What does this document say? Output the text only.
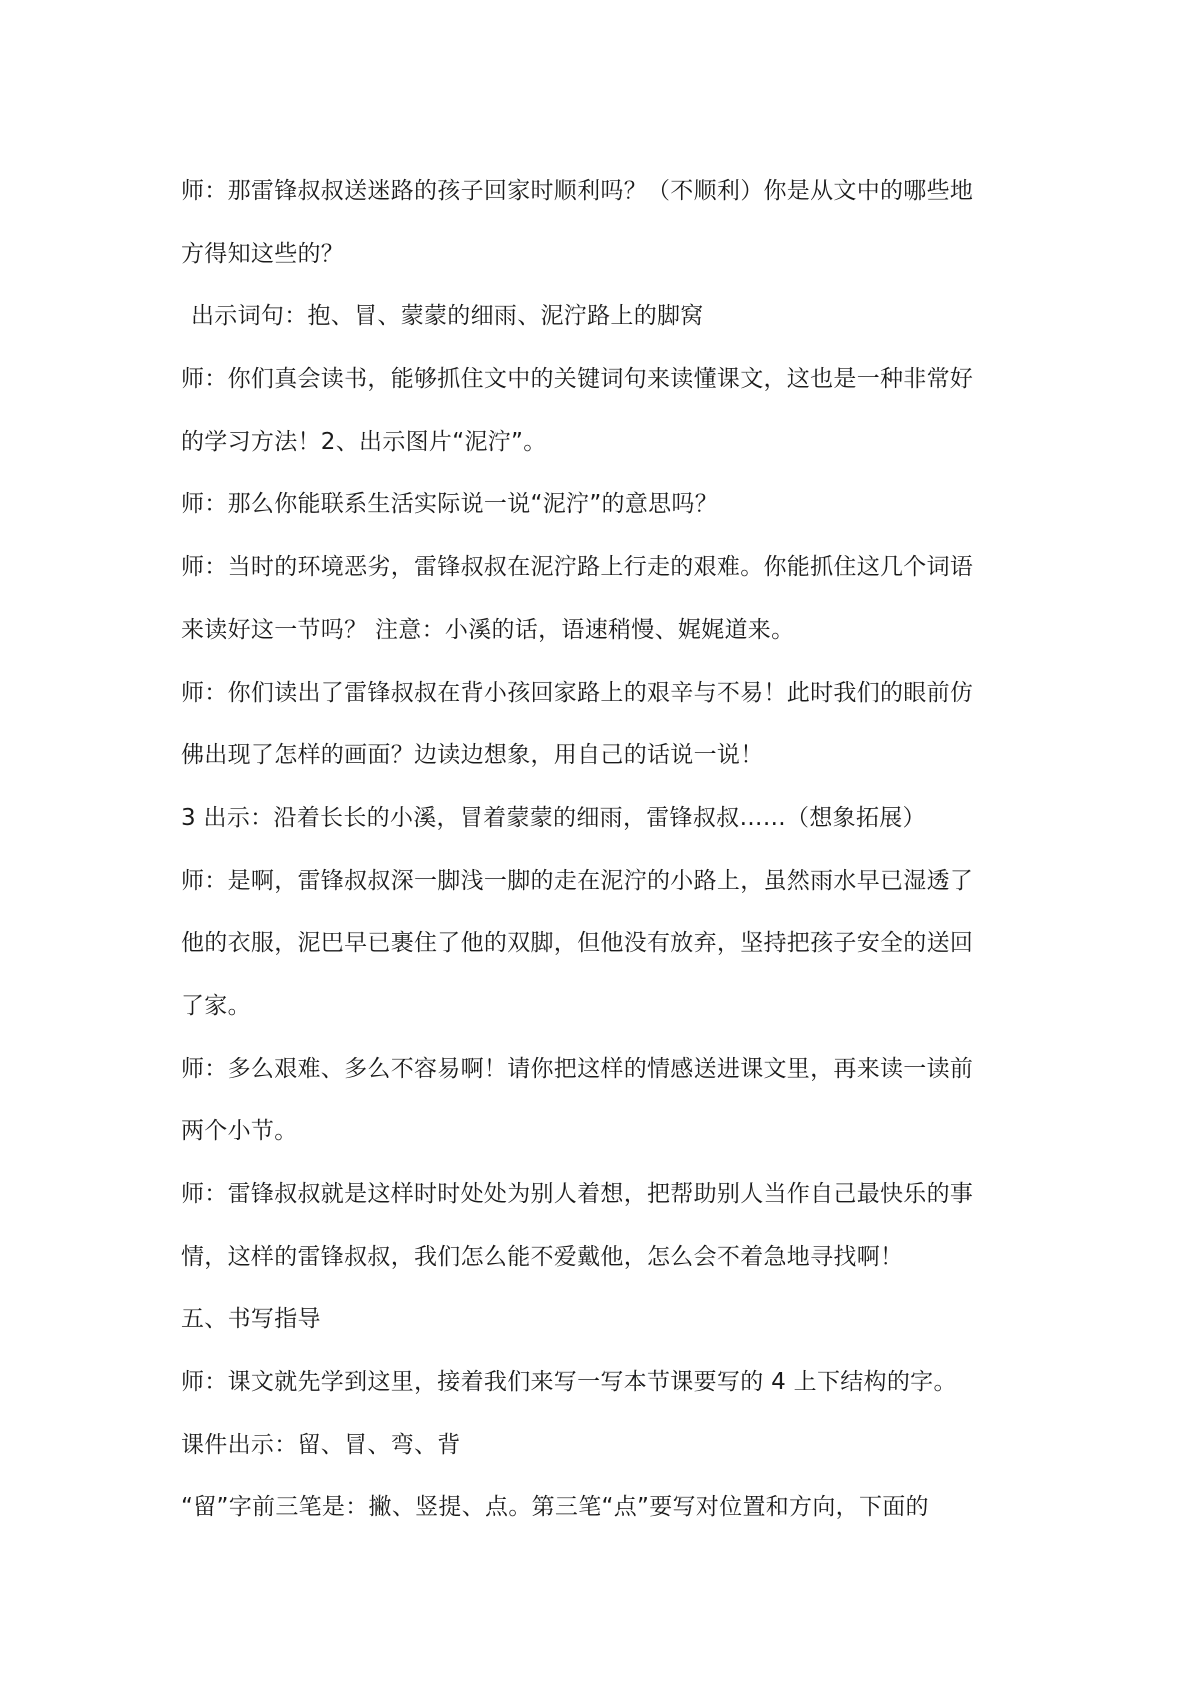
师：那雷锋叔叔送迷路的孩子回家时顺利吗？（不顺利）你是从文中的哪些地
方得知这些的？
出示词句：抱、冒、蒙蒙的细雨、泥泞路上的脚窝
师：你们真会读书，能够抓住文中的关键词句来读懂课文，这也是一种非常好
的学习方法！2、出示图片“泥泞”。
师：那么你能联系生活实际说一说“泥泞”的意思吗？
师：当时的环境恶劣，雷锋叔叔在泥泞路上行走的艰难。你能抓住这几个词语
来读好这一节吗？ 注意：小溪的话，语速稍慢、娓娓道来。
师：你们读出了雷锋叔叔在背小孩回家路上的艰辛与不易！此时我们的眼前仿
佛出现了怎样的画面？边读边想象，用自己的话说一说！
3 出示：沿着长长的小溪，冒着蒙蒙的细雨，雷锋叔叔……（想象拓展）
师：是啊，雷锋叔叔深一脚浅一脚的走在泥泞的小路上，虽然雨水早已湿透了
他的衣服，泥巴早已裹住了他的双脚，但他没有放弃，坚持把孩子安全的送回
了家。
师：多么艰难、多么不容易啊！请你把这样的情感送进课文里，再来读一读前
两个小节。
师：雷锋叔叔就是这样时时处处为别人着想，把帮助别人当作自己最快乐的事
情，这样的雷锋叔叔，我们怎么能不爱戴他，怎么会不着急地寻找啊！
五、书写指导
师：课文就先学到这里，接着我们来写一写本节课要写的 4 上下结构的字。
课件出示：留、冒、弯、背
“留”字前三笔是：撇、竖提、点。第三笔“点”要写对位置和方向，下面的
